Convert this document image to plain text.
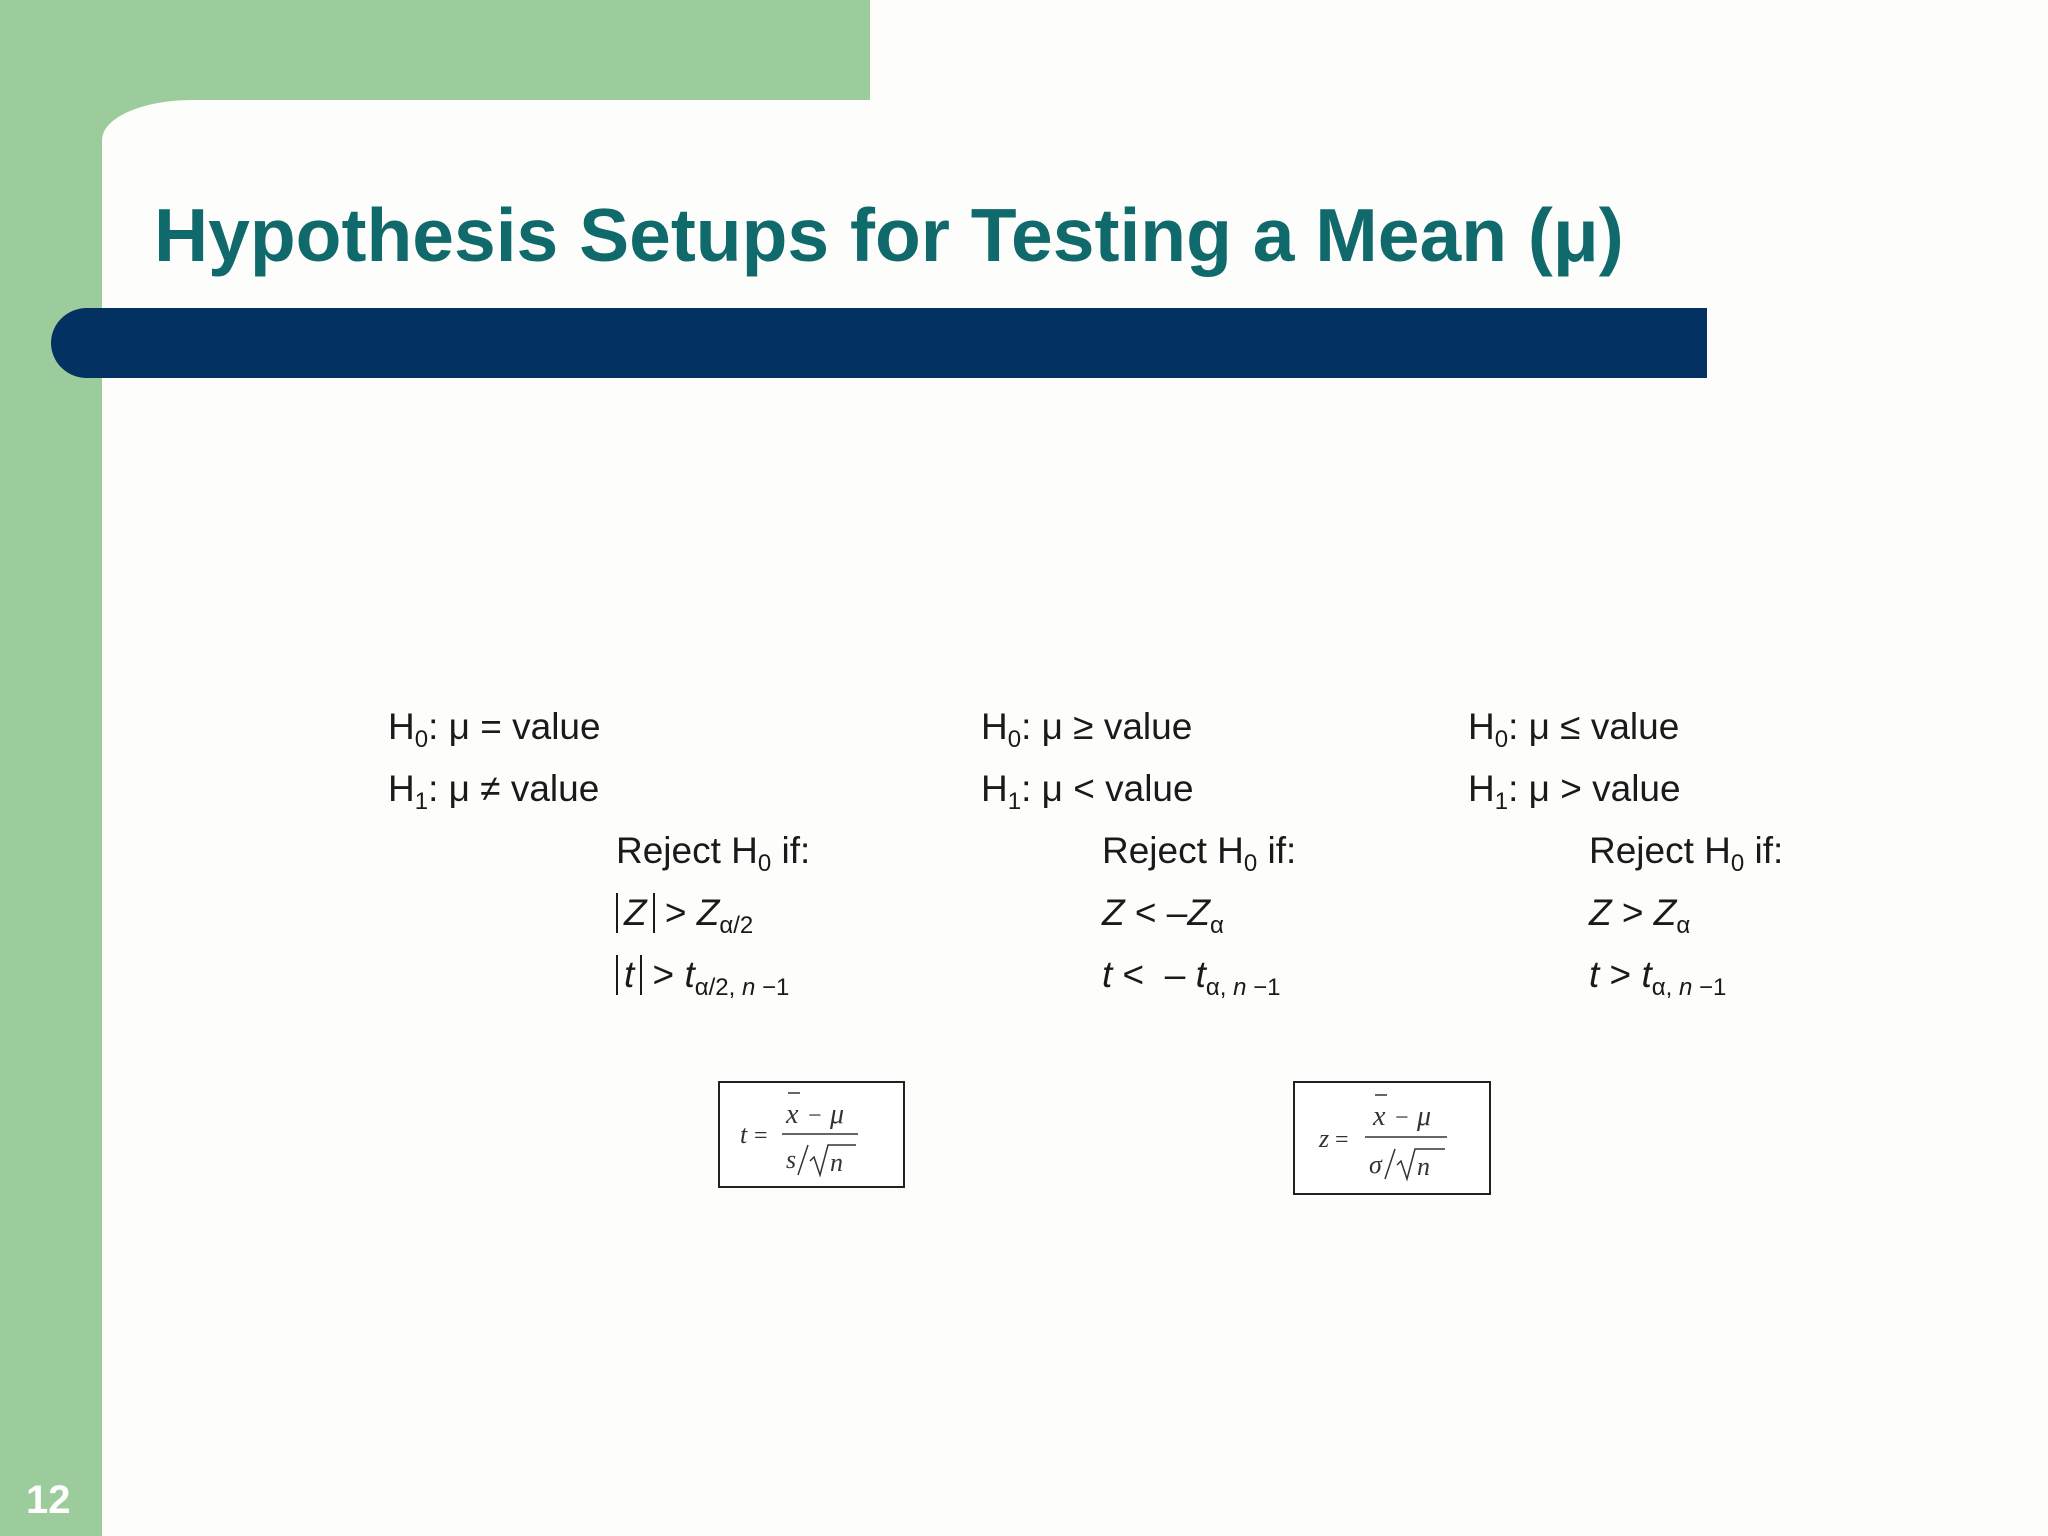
Hypothesis Setups for Testing a Mean (μ)
12
$H_0$: μ = value
$H_1$: μ ≠ value
Reject $H_0$ if:
$Z > Z_{\alpha/2}$
$t > t_{\alpha/2, n -1}$
$H_0$: μ ≥ value
$H_1$: μ < value
Reject $H_0$ if:
$Z < -Z_\alpha$
t <  – $t_{\alpha, n -1}$
$H_0$: μ ≤ value
$H_1$: μ > value
Reject $H_0$ if:
$Z > Z_\alpha$
$t > t_{\alpha, n -1}$
t =
x − μ
s n
z =
x − μ
σ n
